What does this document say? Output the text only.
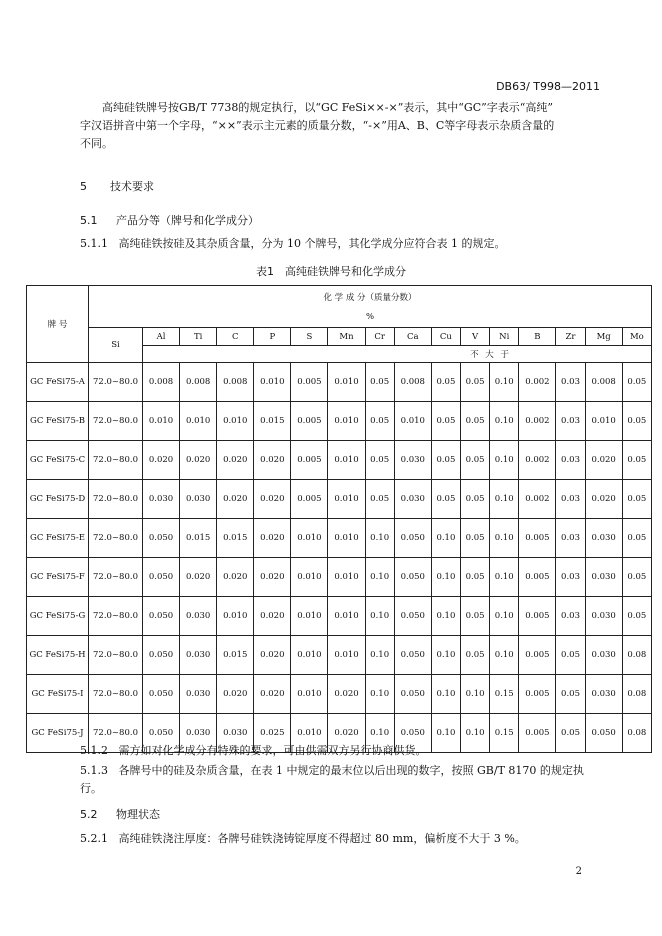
DB63/ T998—2011

高纯硅铁牌号按GB/T 7738的规定执行，以“GC FeSi××-×”表示，其中“GC”字表示“高纯”

字汉语拼音中第一个字母，“××”表示主元素的质量分数，“-×”用A、B、C等字母表示杂质含量的

不同。

5 技术要求
5.1 产品分等（牌号和化学成分）
5.1.1 高纯硅铁按硅及其杂质含量，分为 10 个牌号，其化学成分应符合表 1 的规定。
表1　高纯硅铁牌号和化学成分
牌 号	化 学 成 分（质量分数）															
	%															
	Si	Al	Ti	C	P	S	Mn	Cr	Ca	Cu	V	Ni	B	Zr	Mg	Mo
		不 大 于														
GC FeSi75-A	72.0~80.0	0.008	0.008	0.008	0.010	0.005	0.010	0.05	0.008	0.05	0.05	0.10	0.002	0.03	0.008	0.05
GC FeSi75-B	72.0~80.0	0.010	0.010	0.010	0.015	0.005	0.010	0.05	0.010	0.05	0.05	0.10	0.002	0.03	0.010	0.05
GC FeSi75-C	72.0~80.0	0.020	0.020	0.020	0.020	0.005	0.010	0.05	0.030	0.05	0.05	0.10	0.002	0.03	0.020	0.05
GC FeSi75-D	72.0~80.0	0.030	0.030	0.020	0.020	0.005	0.010	0.05	0.030	0.05	0.05	0.10	0.002	0.03	0.020	0.05
GC FeSi75-E	72.0~80.0	0.050	0.015	0.015	0.020	0.010	0.010	0.10	0.050	0.10	0.05	0.10	0.005	0.03	0.030	0.05
GC FeSi75-F	72.0~80.0	0.050	0.020	0.020	0.020	0.010	0.010	0.10	0.050	0.10	0.05	0.10	0.005	0.03	0.030	0.05
GC FeSi75-G	72.0~80.0	0.050	0.030	0.010	0.020	0.010	0.010	0.10	0.050	0.10	0.05	0.10	0.005	0.03	0.030	0.05
GC FeSi75-H	72.0~80.0	0.050	0.030	0.015	0.020	0.010	0.010	0.10	0.050	0.10	0.05	0.10	0.005	0.05	0.030	0.08
GC FeSi75-I	72.0~80.0	0.050	0.030	0.020	0.020	0.010	0.020	0.10	0.050	0.10	0.10	0.15	0.005	0.05	0.030	0.08
GC FeSi75-J	72.0~80.0	0.050	0.030	0.030	0.025	0.010	0.020	0.10	0.050	0.10	0.10	0.15	0.005	0.05	0.050	0.08
5.1.2 需方如对化学成分有特殊的要求，可由供需双方另行协商供货。
5.1.3 各牌号中的硅及杂质含量，在表 1 中规定的最末位以后出现的数字，按照 GB/T 8170 的规定执
行。
5.2 物理状态
5.2.1 高纯硅铁浇注厚度：各牌号硅铁浇铸锭厚度不得超过 80 mm，偏析度不大于 3 %。
2
